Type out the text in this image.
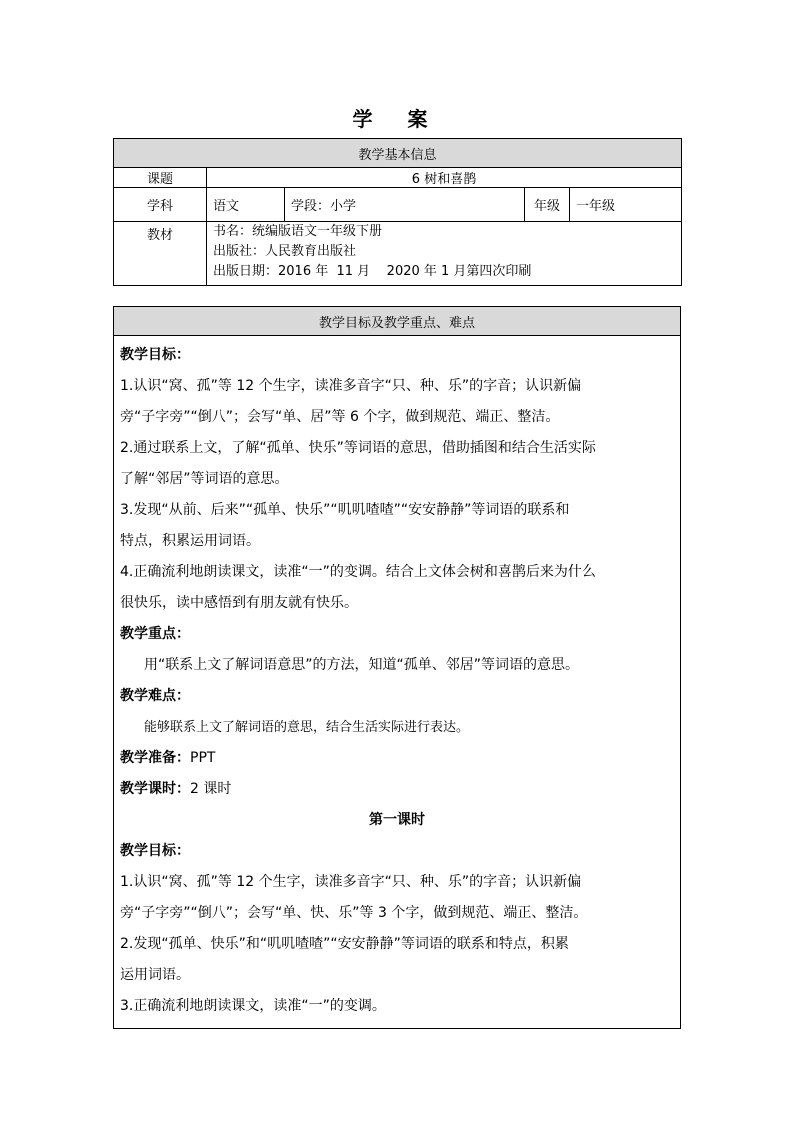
学 案
教学基本信息				
课题	6 树和喜鹊			
学科	语文	学段：小学	年级	一年级
教材	书名：统编版语文一年级下册
出版社：人民教育出版社
出版日期：2016 年  11 月    2020 年 1 月第四次印刷			
教学目标及教学重点、难点

教学目标：

1.认识“窝、孤”等 12 个生字，读准多音字“只、种、乐”的字音；认识新偏

旁“子字旁”“倒八”；会写“单、居”等 6 个字，做到规范、端正、整洁。

2.通过联系上文，了解“孤单、快乐”等词语的意思，借助插图和结合生活实际

了解“邻居”等词语的意思。

3.发现“从前、后来”“孤单、快乐”“叽叽喳喳”“安安静静”等词语的联系和

特点，积累运用词语。

4.正确流利地朗读课文，读准“一”的变调。结合上文体会树和喜鹊后来为什么

很快乐，读中感悟到有朋友就有快乐。

教学重点：

用“联系上文了解词语意思”的方法，知道“孤单、邻居”等词语的意思。

教学难点：

能够联系上文了解词语的意思，结合生活实际进行表达。

教学准备：PPT

教学课时：2 课时

第一课时

教学目标：

1.认识“窝、孤”等 12 个生字，读准多音字“只、种、乐”的字音；认识新偏

旁“子字旁”“倒八”；会写“单、快、乐”等 3 个字，做到规范、端正、整洁。

2.发现“孤单、快乐”和“叽叽喳喳”“安安静静”等词语的联系和特点，积累

运用词语。

3.正确流利地朗读课文，读准“一”的变调。
